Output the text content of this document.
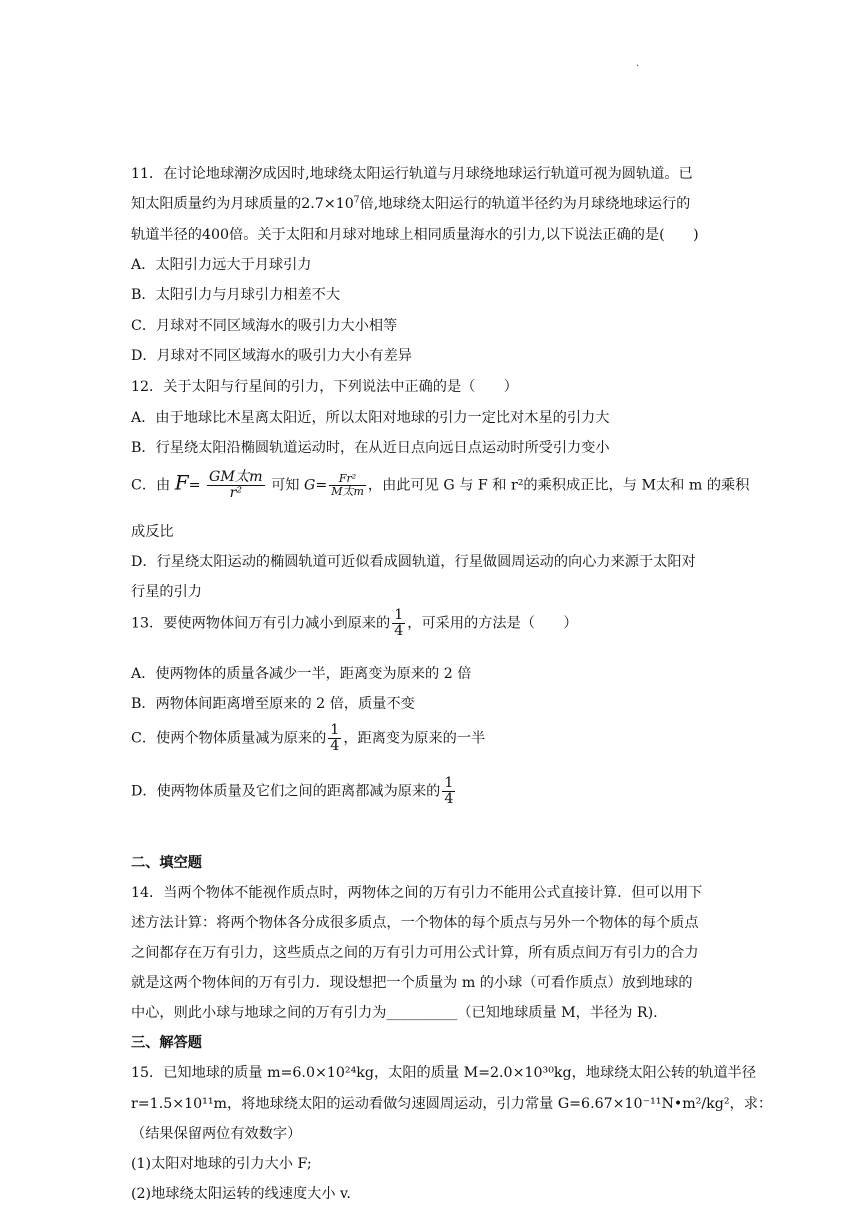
.
11．在讨论地球潮汐成因时,地球绕太阳运行轨道与月球绕地球运行轨道可视为圆轨道。已
知太阳质量约为月球质量的$2.7\times 10^7$倍,地球绕太阳运行的轨道半径约为月球绕地球运行的
轨道半径的400倍。关于太阳和月球对地球上相同质量海水的引力,以下说法正确的是(　　)
A．太阳引力远大于月球引力
B．太阳引力与月球引力相差不大
C．月球对不同区域海水的吸引力大小相等
D．月球对不同区域海水的吸引力大小有差异
12．关于太阳与行星间的引力，下列说法中正确的是（　　）
A．由于地球比木星离太阳近，所以太阳对地球的引力一定比对木星的引力大
B．行星绕太阳沿椭圆轨道运动时，在从近日点向远日点运动时所受引力变小
C．由 $F= \frac{\text{GM太m}}{\text{r²}}$ 可知 $G= \frac{\text{Fr²}}{\text{M太m}}$ ，由此可见 G 与 F 和 r²的乘积成正比，与 M太和 m 的乘积
成反比
D．行星绕太阳运动的椭圆轨道可近似看成圆轨道，行星做圆周运动的向心力来源于太阳对
行星的引力
13．要使两物体间万有引力减小到原来的 $\frac{1}{4}$ ，可采用的方法是（　　）
A．使两物体的质量各减少一半，距离变为原来的 2 倍
B．两物体间距离增至原来的 2 倍，质量不变
C．使两个物体质量减为原来的 $\frac{1}{4}$ ，距离变为原来的一半
D．使两物体质量及它们之间的距离都减为原来的 $\frac{1}{4}$
二、填空题
14．当两个物体不能视作质点时，两物体之间的万有引力不能用公式直接计算．但可以用下
述方法计算：将两个物体各分成很多质点，一个物体的每个质点与另外一个物体的每个质点
之间都存在万有引力，这些质点之间的万有引力可用公式计算，所有质点间万有引力的合力
就是这两个物体间的万有引力．现设想把一个质量为 m 的小球（可看作质点）放到地球的
中心，则此小球与地球之间的万有引力为__________（已知地球质量 M，半径为 R).
三、解答题
15．已知地球的质量 m=6.0×10²⁴kg，太阳的质量 M=2.0×10³⁰kg，地球绕太阳公转的轨道半径
r=1.5×10¹¹m，将地球绕太阳的运动看做匀速圆周运动，引力常量 G=6.67×10⁻¹¹N•m²/kg²，求：
（结果保留两位有效数字）
(1)太阳对地球的引力大小 F;
(2)地球绕太阳运转的线速度大小 v.
